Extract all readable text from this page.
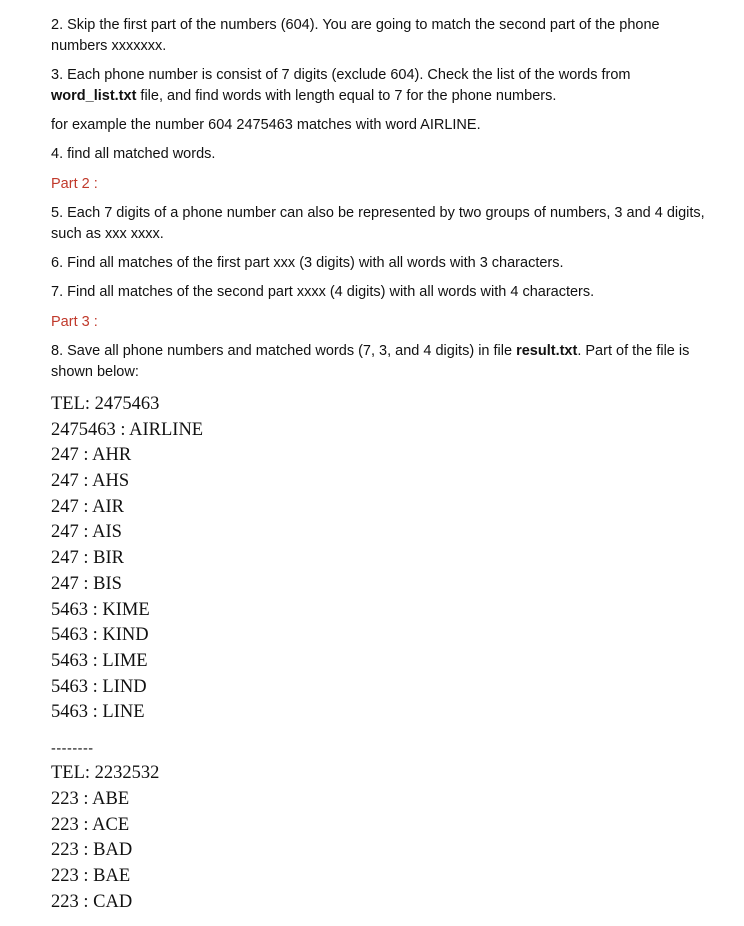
2. Skip the first part of the numbers (604). You are going to match the second part of the phone
numbers xxxxxxx.
3. Each phone number is consist of 7 digits (exclude 604). Check the list of the words from
word_list.txt file, and find words with length equal to 7 for the phone numbers.
for example the number 604 2475463 matches with word AIRLINE.
4. find all matched words.
Part 2 :
5. Each 7 digits of a phone number can also be represented by two groups of numbers, 3 and 4 digits,
such as xxx xxxx.
6. Find all matches of the first part xxx (3 digits) with all words with 3 characters.
7. Find all matches of the second part xxxx (4 digits) with all words with 4 characters.
Part 3 :
8. Save all phone numbers and matched words (7, 3, and 4 digits) in file result.txt. Part of the file is
shown below:
TEL: 2475463
2475463 : AIRLINE
247 : AHR
247 : AHS
247 : AIR
247 : AIS
247 : BIR
247 : BIS
5463 : KIME
5463 : KIND
5463 : LIME
5463 : LIND
5463 : LINE
--------
TEL: 2232532
223 : ABE
223 : ACE
223 : BAD
223 : BAE
223 : CAD
